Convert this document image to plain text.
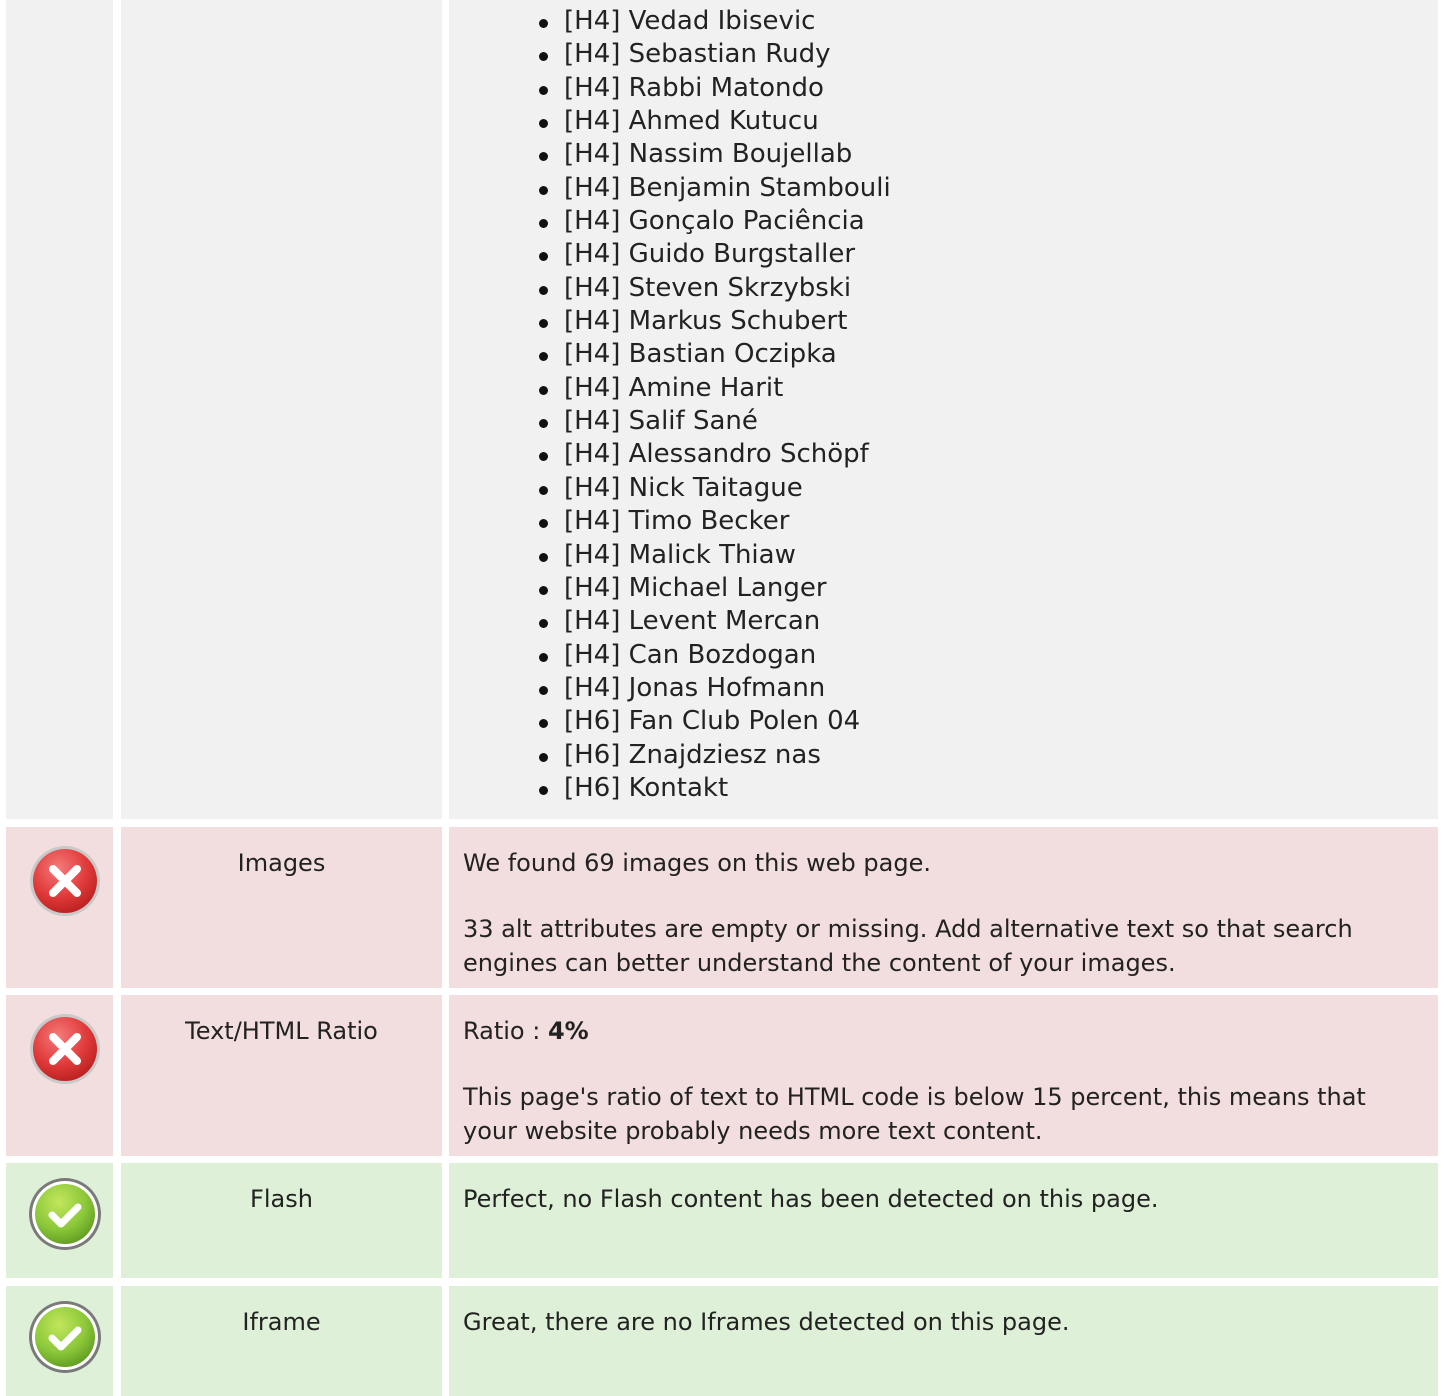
[H4] Vedad Ibisevic
[H4] Sebastian Rudy
[H4] Rabbi Matondo
[H4] Ahmed Kutucu
[H4] Nassim Boujellab
[H4] Benjamin Stambouli
[H4] Gonçalo Paciência
[H4] Guido Burgstaller
[H4] Steven Skrzybski
[H4] Markus Schubert
[H4] Bastian Oczipka
[H4] Amine Harit
[H4] Salif Sané
[H4] Alessandro Schöpf
[H4] Nick Taitague
[H4] Timo Becker
[H4] Malick Thiaw
[H4] Michael Langer
[H4] Levent Mercan
[H4] Can Bozdogan
[H4] Jonas Hofmann
[H6] Fan Club Polen 04
[H6] Znajdziesz nas
[H6] Kontakt
Images	We found 69 images on this web page.

33 alt attributes are empty or missing. Add alternative text so that search engines can better understand the content of your images.

Text/HTML Ratio	Ratio : 4%

This page's ratio of text to HTML code is below 15 percent, this means that your website probably needs more text content.

Flash	Perfect, no Flash content has been detected on this page.

Iframe	Great, there are no Iframes detected on this page.
